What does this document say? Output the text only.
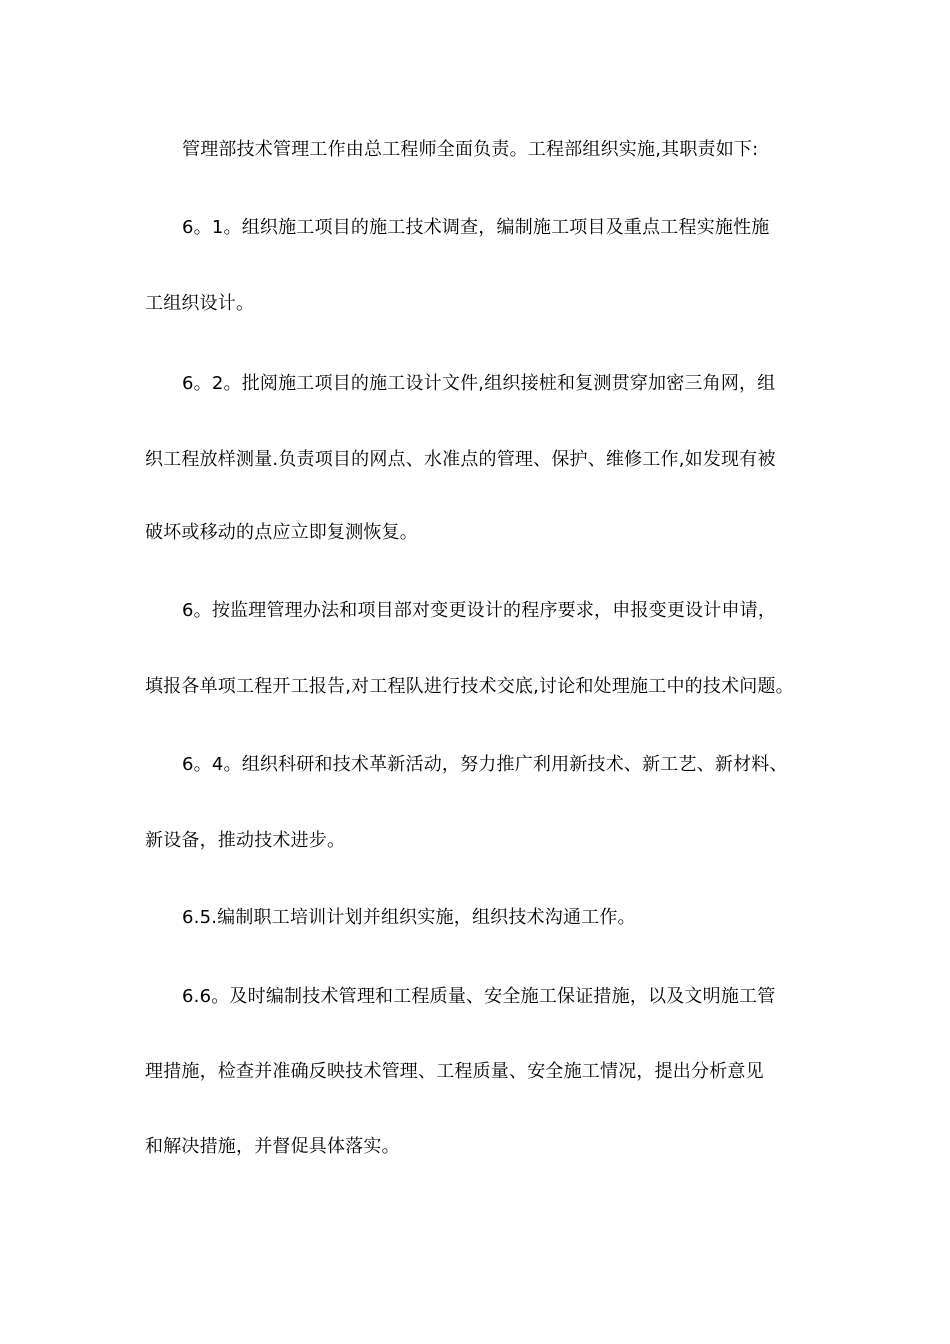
管理部技术管理工作由总工程师全面负责。工程部组织实施,其职责如下:
6。1。组织施工项目的施工技术调查，编制施工项目及重点工程实施性施
工组织设计。
6。2。批阅施工项目的施工设计文件,组织接桩和复测贯穿加密三角网，组
织工程放样测量.负责项目的网点、水准点的管理、保护、维修工作,如发现有被
破坏或移动的点应立即复测恢复。
6。按监理管理办法和项目部对变更设计的程序要求，申报变更设计申请，
填报各单项工程开工报告,对工程队进行技术交底,讨论和处理施工中的技术问题。
6。4。组织科研和技术革新活动，努力推广利用新技术、新工艺、新材料、
新设备，推动技术进步。
6.5.编制职工培训计划并组织实施，组织技术沟通工作。
6.6。及时编制技术管理和工程质量、安全施工保证措施，以及文明施工管
理措施，检查并准确反映技术管理、工程质量、安全施工情况，提出分析意见
和解决措施，并督促具体落实。
